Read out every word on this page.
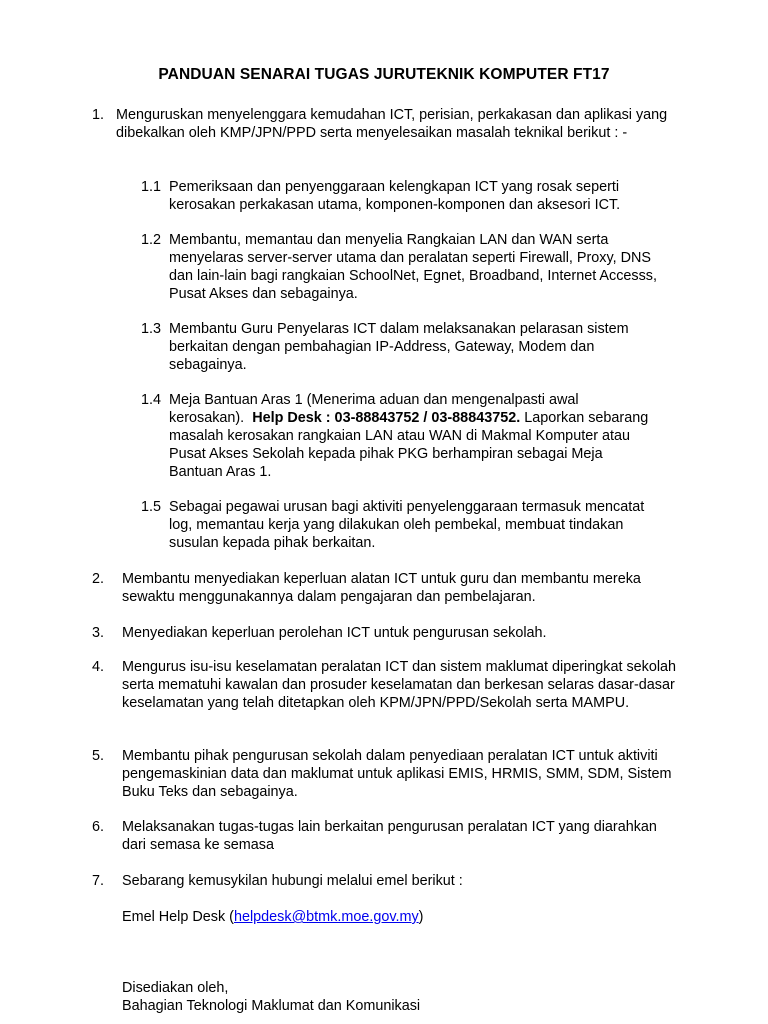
PANDUAN SENARAI TUGAS JURUTEKNIK KOMPUTER FT17
1. Menguruskan menyelenggara kemudahan ICT, perisian, perkakasan dan aplikasi yang dibekalkan oleh KMP/JPN/PPD serta menyelesaikan masalah teknikal berikut : -
1.1 Pemeriksaan dan penyenggaraan kelengkapan ICT yang rosak seperti kerosakan perkakasan utama, komponen-komponen dan aksesori ICT.
1.2 Membantu, memantau dan menyelia Rangkaian LAN dan WAN serta menyelaras server-server utama dan peralatan seperti Firewall, Proxy, DNS dan lain-lain bagi rangkaian SchoolNet, Egnet, Broadband, Internet Accesss, Pusat Akses dan sebagainya.
1.3 Membantu Guru Penyelaras ICT dalam melaksanakan pelarasan sistem berkaitan dengan pembahagian IP-Address, Gateway, Modem dan sebagainya.
1.4 Meja Bantuan Aras 1 (Menerima aduan dan mengenalpasti awal kerosakan). Help Desk : 03-88843752 / 03-88843752. Laporkan sebarang masalah kerosakan rangkaian LAN atau WAN di Makmal Komputer atau Pusat Akses Sekolah kepada pihak PKG berhampiran sebagai Meja Bantuan Aras 1.
1.5 Sebagai pegawai urusan bagi aktiviti penyelenggaraan termasuk mencatat log, memantau kerja yang dilakukan oleh pembekal, membuat tindakan susulan kepada pihak berkaitan.
2. Membantu menyediakan keperluan alatan ICT untuk guru dan membantu mereka sewaktu menggunakannya dalam pengajaran dan pembelajaran.
3. Menyediakan keperluan perolehan ICT untuk pengurusan sekolah.
4. Mengurus isu-isu keselamatan peralatan ICT dan sistem maklumat diperingkat sekolah serta mematuhi kawalan dan prosuder keselamatan dan berkesan selaras dasar-dasar keselamatan yang telah ditetapkan oleh KPM/JPN/PPD/Sekolah serta MAMPU.
5. Membantu pihak pengurusan sekolah dalam penyediaan peralatan ICT untuk aktiviti pengemaskinian data dan maklumat untuk aplikasi EMIS, HRMIS, SMM, SDM, Sistem Buku Teks dan sebagainya.
6. Melaksanakan tugas-tugas lain berkaitan pengurusan peralatan ICT yang diarahkan dari semasa ke semasa
7. Sebarang kemusykilan hubungi melalui emel berikut :
Emel Help Desk (helpdesk@btmk.moe.gov.my)
Disediakan oleh,
Bahagian Teknologi Maklumat dan Komunikasi
